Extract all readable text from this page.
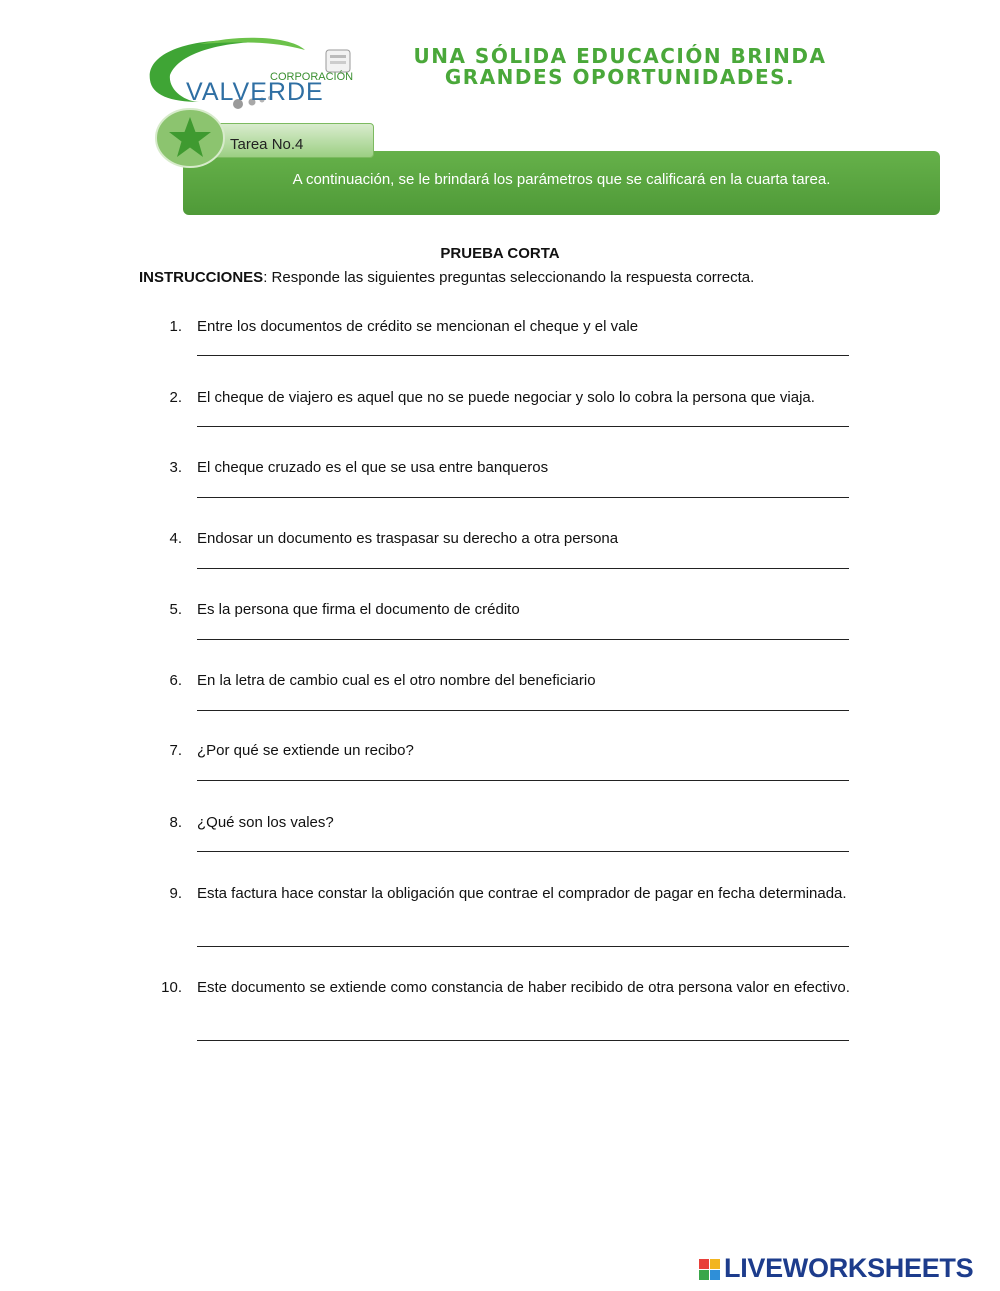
CORPORACIÓN
VALVERDE
UNA SÓLIDA EDUCACIÓN BRINDA
GRANDES OPORTUNIDADES.
A continuación, se le brindará los parámetros que se calificará en la cuarta tarea.
Tarea No.4
PRUEBA CORTA
INSTRUCCIONES: Responde las siguientes preguntas seleccionando la respuesta correcta.
1. Entre los documentos de crédito se mencionan el cheque y el vale
2. El cheque de viajero es aquel que no se puede negociar y solo lo cobra la persona que viaja.
3. El cheque cruzado es el que se usa entre banqueros
4. Endosar un documento es traspasar su derecho a otra persona
5. Es la persona que firma el documento de crédito
6. En la letra de cambio cual es el otro nombre del beneficiario
7. ¿Por qué se extiende un recibo?
8. ¿Qué son los vales?
9. Esta factura hace constar la obligación que contrae el comprador de pagar en fecha determinada.
10. Este documento se extiende como constancia de haber recibido de otra persona valor en efectivo.
LIVEWORKSHEETS
